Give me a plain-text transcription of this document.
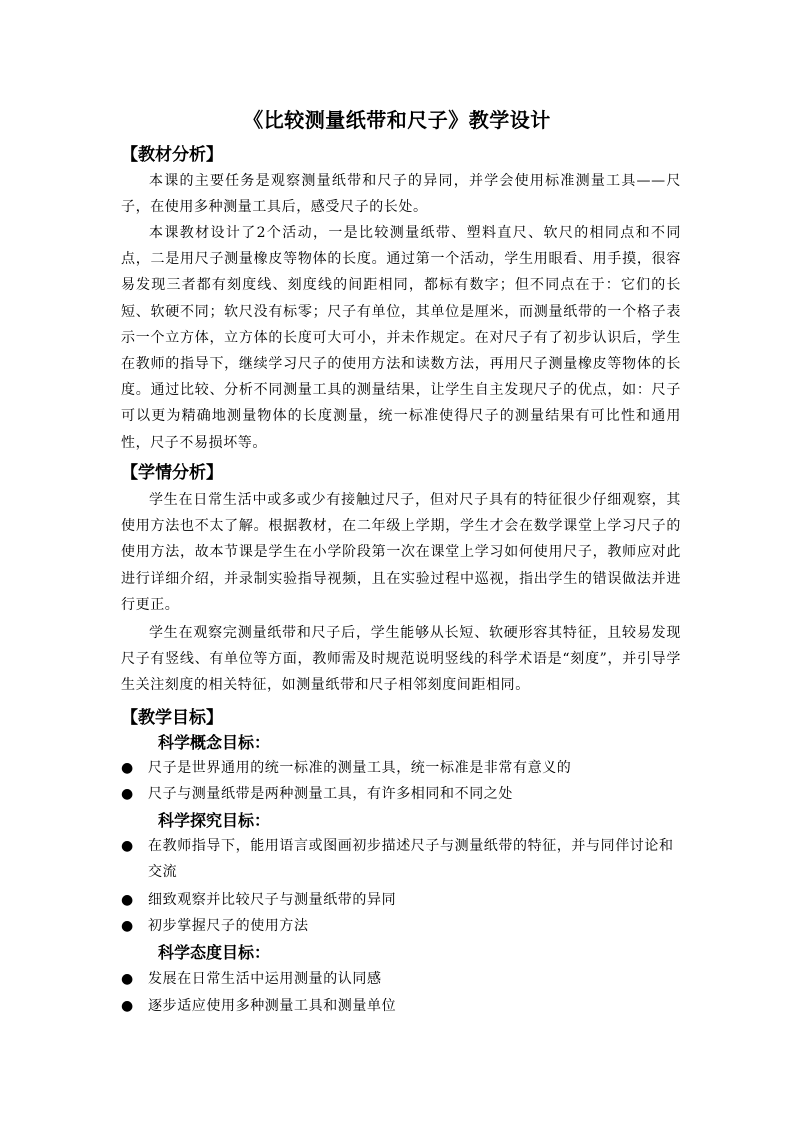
《比较测量纸带和尺子》教学设计
【教材分析】

本课的主要任务是观察测量纸带和尺子的异同，并学会使用标准测量工具——尺子，在使用多种测量工具后，感受尺子的长处。

本课教材设计了2个活动，一是比较测量纸带、塑料直尺、软尺的相同点和不同点，二是用尺子测量橡皮等物体的长度。通过第一个活动，学生用眼看、用手摸，很容易发现三者都有刻度线、刻度线的间距相同，都标有数字；但不同点在于：它们的长短、软硬不同；软尺没有标零；尺子有单位，其单位是厘米，而测量纸带的一个格子表示一个立方体，立方体的长度可大可小，并未作规定。在对尺子有了初步认识后，学生在教师的指导下，继续学习尺子的使用方法和读数方法，再用尺子测量橡皮等物体的长度。通过比较、分析不同测量工具的测量结果，让学生自主发现尺子的优点，如：尺子可以更为精确地测量物体的长度测量，统一标准使得尺子的测量结果有可比性和通用性，尺子不易损坏等。

【学情分析】

学生在日常生活中或多或少有接触过尺子，但对尺子具有的特征很少仔细观察，其使用方法也不太了解。根据教材，在二年级上学期，学生才会在数学课堂上学习尺子的使用方法，故本节课是学生在小学阶段第一次在课堂上学习如何使用尺子，教师应对此进行详细介绍，并录制实验指导视频，且在实验过程中巡视，指出学生的错误做法并进行更正。

学生在观察完测量纸带和尺子后，学生能够从长短、软硬形容其特征，且较易发现尺子有竖线、有单位等方面，教师需及时规范说明竖线的科学术语是“刻度”，并引导学生关注刻度的相关特征，如测量纸带和尺子相邻刻度间距相同。

【教学目标】
科学概念目标：
●	尺子是世界通用的统一标准的测量工具，统一标准是非常有意义的
●	尺子与测量纸带是两种测量工具，有许多相同和不同之处
科学探究目标：
●	在教师指导下，能用语言或图画初步描述尺子与测量纸带的特征，并与同伴讨论和交流
●	细致观察并比较尺子与测量纸带的异同
●	初步掌握尺子的使用方法
科学态度目标：
●	发展在日常生活中运用测量的认同感
●	逐步适应使用多种测量工具和测量单位
